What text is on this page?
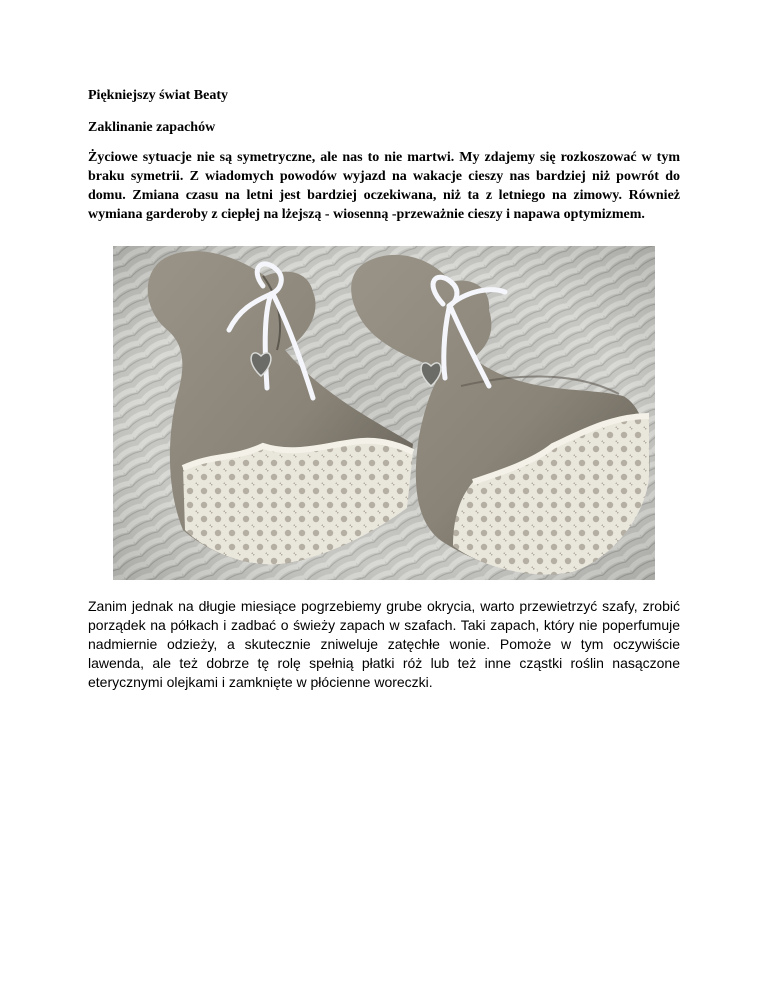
Piękniejszy świat Beaty

Zaklinanie zapachów

Życiowe sytuacje nie są symetryczne, ale nas to nie martwi. My zdajemy się rozkoszować w tym braku symetrii. Z wiadomych powodów wyjazd na wakacje cieszy nas bardziej niż powrót do domu. Zmiana czasu na letni jest bardziej oczekiwana, niż ta z letniego na zimowy. Również wymiana garderoby z ciepłej na lżejszą - wiosenną -przeważnie cieszy i napawa optymizmem.

Zanim jednak na długie miesiące pogrzebiemy grube okrycia, warto przewietrzyć szafy, zrobić porządek na półkach i zadbać o świeży zapach w szafach. Taki zapach, który nie poperfumuje nadmiernie odzieży, a skutecznie zniweluje zatęchłe wonie. Pomoże w tym oczywiście lawenda, ale też dobrze tę rolę spełnią płatki róż lub też inne cząstki roślin nasączone eterycznymi olejkami i zamknięte w płócienne woreczki.
